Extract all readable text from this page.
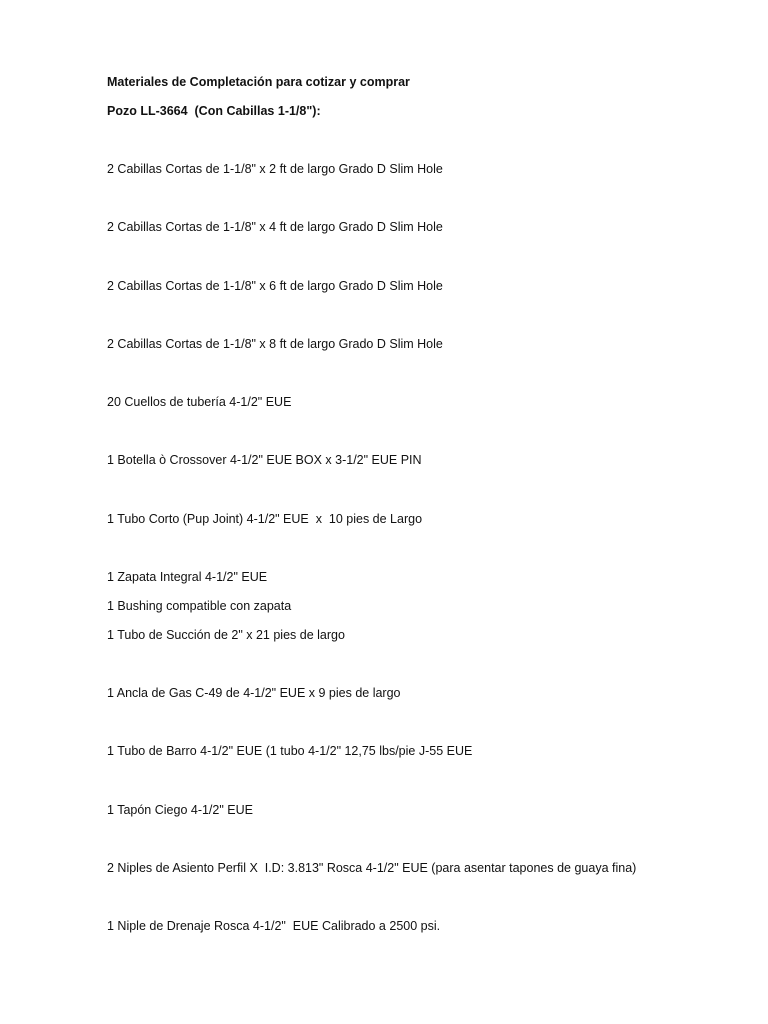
Materiales de Completación para cotizar y comprar
Pozo LL-3664  (Con Cabillas 1-1/8"):
2 Cabillas Cortas de 1-1/8" x 2 ft de largo Grado D Slim Hole
2 Cabillas Cortas de 1-1/8" x 4 ft de largo Grado D Slim Hole
2 Cabillas Cortas de 1-1/8" x 6 ft de largo Grado D Slim Hole
2 Cabillas Cortas de 1-1/8" x 8 ft de largo Grado D Slim Hole
20 Cuellos de tubería 4-1/2" EUE
1 Botella ò Crossover 4-1/2" EUE BOX x 3-1/2" EUE PIN
1 Tubo Corto (Pup Joint) 4-1/2" EUE  x  10 pies de Largo
1 Zapata Integral 4-1/2" EUE
1 Bushing compatible con zapata
1 Tubo de Succión de 2" x 21 pies de largo
1 Ancla de Gas C-49 de 4-1/2" EUE x 9 pies de largo
1 Tubo de Barro 4-1/2" EUE (1 tubo 4-1/2" 12,75 lbs/pie J-55 EUE
1 Tapón Ciego 4-1/2" EUE
2 Niples de Asiento Perfil X  I.D: 3.813" Rosca 4-1/2" EUE (para asentar tapones de guaya fina)
1 Niple de Drenaje Rosca 4-1/2"  EUE Calibrado a 2500 psi.
